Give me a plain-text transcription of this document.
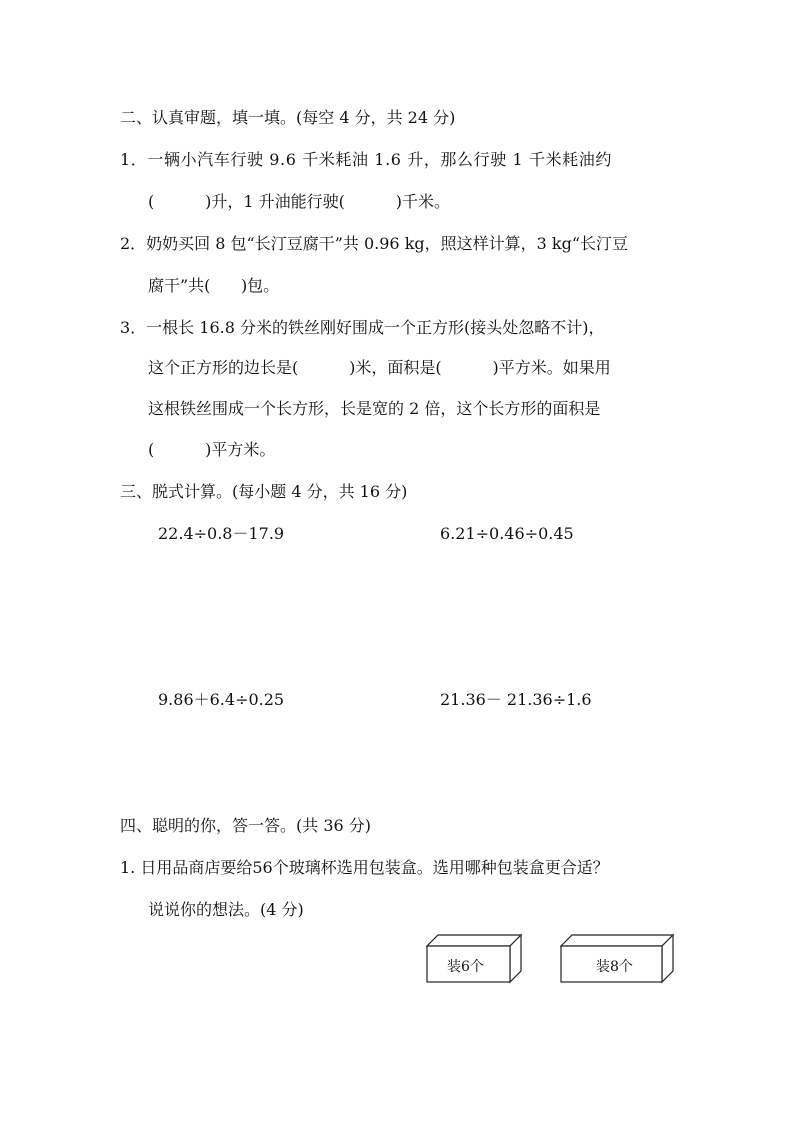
二、认真审题，填一填。(每空 4 分，共 24 分)
1．一辆小汽车行驶 9.6 千米耗油 1.6 升，那么行驶 1 千米耗油约
(          )升，1 升油能行驶(          )千米。
2．奶奶买回 8 包“长汀豆腐干”共 0.96 kg，照这样计算，3 kg“长汀豆
腐干”共(      )包。
3．一根长 16.8 分米的铁丝刚好围成一个正方形(接头处忽略不计)，
这个正方形的边长是(          )米，面积是(          )平方米。如果用
这根铁丝围成一个长方形，长是宽的 2 倍，这个长方形的面积是
(          )平方米。
三、脱式计算。(每小题 4 分，共 16 分)
22.4÷0.8－17.9	6.21÷0.46÷0.45
9.86＋6.4÷0.25	21.36－ 21.36÷1.6
四、聪明的你，答一答。(共 36 分)
1. 日用品商店要给56个玻璃杯选用包装盒。选用哪种包装盒更合适？
说说你的想法。(4 分)
装6个	装8个
